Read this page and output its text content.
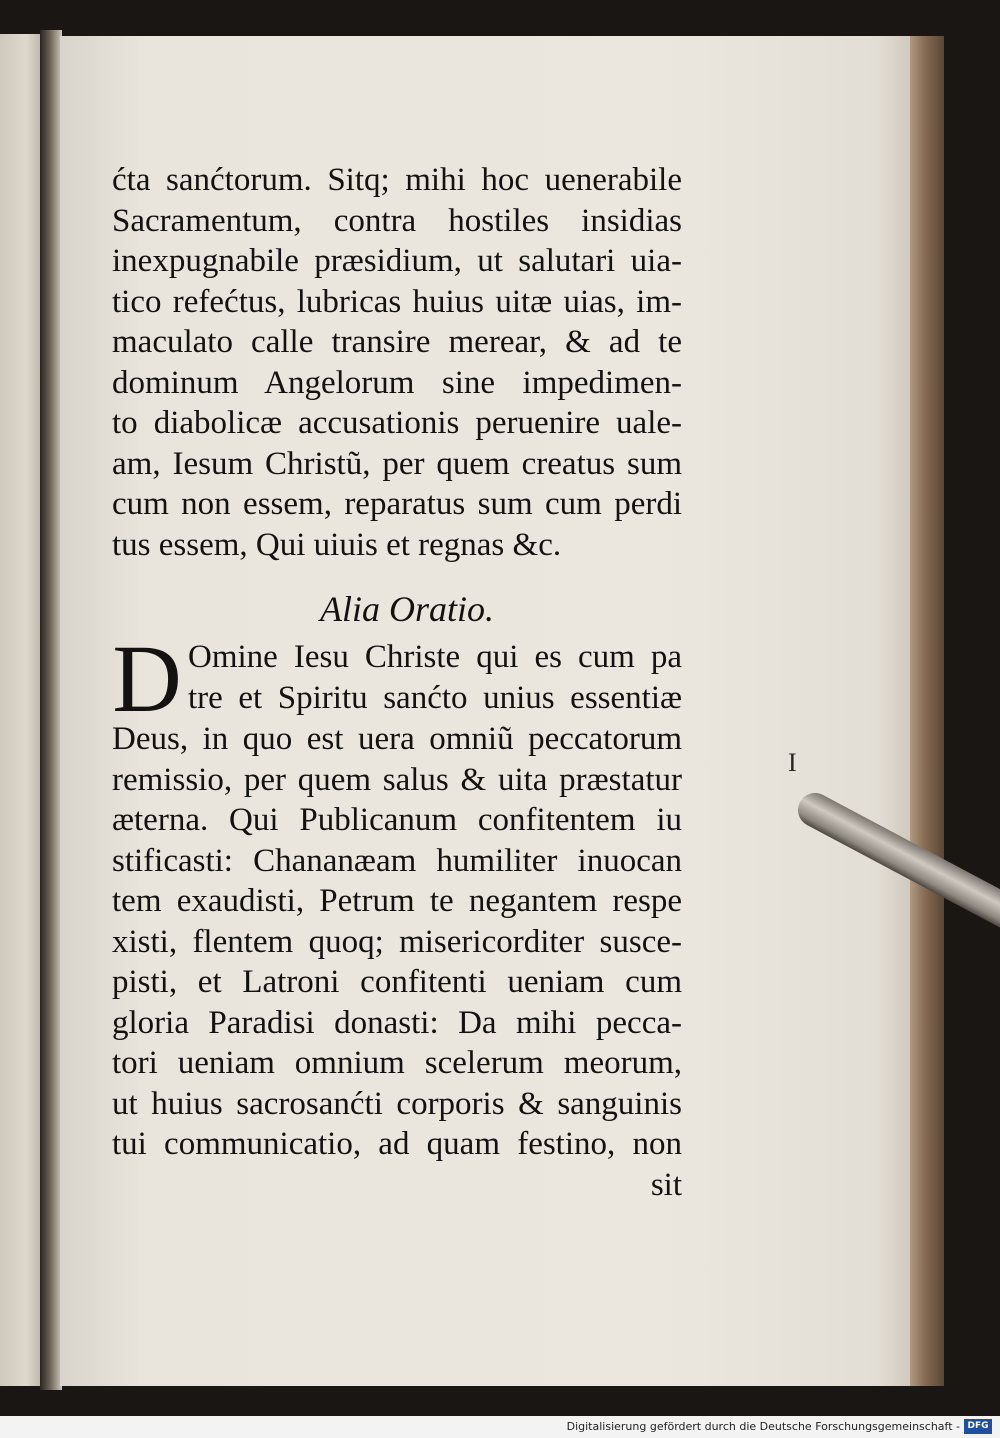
I
ćta sanćtorum. Sitq; mihi hoc uenerabile
Sacramentum, contra hostiles insidias
inexpugnabile præsidium, ut salutari uia-
tico refećtus, lubricas huius uitæ uias, im-
maculato calle transire merear, & ad te
dominum Angelorum sine impedimen-
to diabolicæ accusationis peruenire uale-
am, Iesum Christũ, per quem creatus sum
cum non essem, reparatus sum cum perdi
tus essem, Qui uiuis et regnas &c.
Alia Oratio.
D Omine Iesu Christe qui es cum pa
tre et Spiritu sanćto unius essentiæ
Deus, in quo est uera omniũ peccatorum
remissio, per quem salus & uita præstatur
æterna. Qui Publicanum confitentem iu
stificasti: Chananæam humiliter inuocan
tem exaudisti, Petrum te negantem respe
xisti, flentem quoq; misericorditer susce-
pisti, et Latroni confitenti ueniam cum
gloria Paradisi donasti: Da mihi pecca-
tori ueniam omnium scelerum meorum,
ut huius sacrosanćti corporis & sanguinis
tui communicatio, ad quam festino, non
sit
Digitalisierung gefördert durch die Deutsche Forschungsgemeinschaft - DFG
